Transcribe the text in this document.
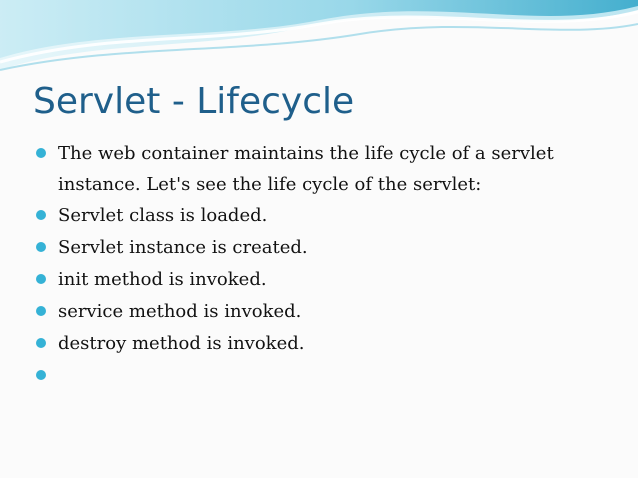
Servlet - Lifecycle
The web container maintains the life cycle of a servlet instance. Let's see the life cycle of the servlet:
Servlet class is loaded.
Servlet instance is created.
init method is invoked.
service method is invoked.
destroy method is invoked.
